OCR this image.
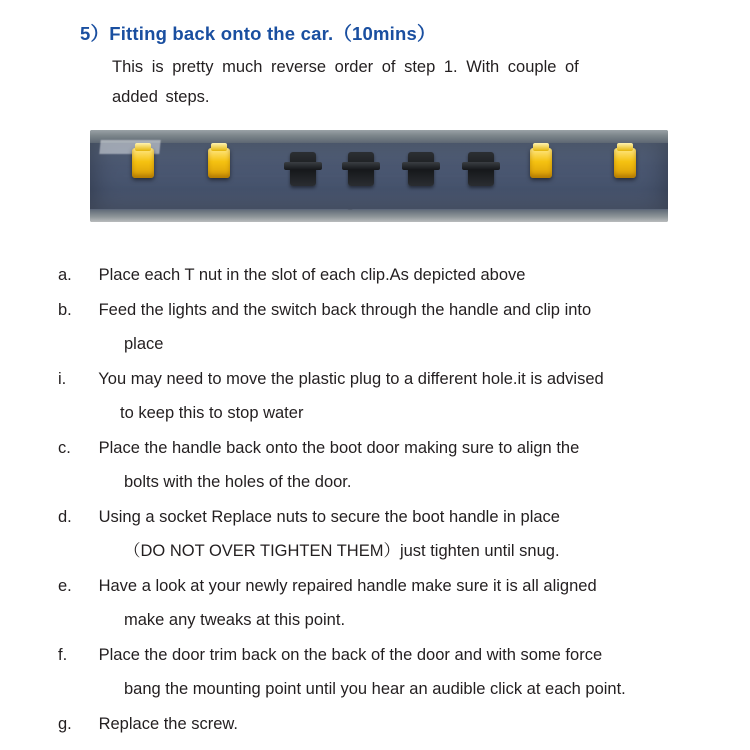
5）Fitting back onto the car.（10mins）
This is pretty much reverse order of step 1. With couple of
added steps.
a. Place each T nut in the slot of each clip.As depicted above
b. Feed the lights and the switch back through the handle and clip into
place
i. You may need to move the plastic plug to a different hole.it is advised
to keep this to stop water
c. Place the handle back onto the boot door making sure to align the
bolts with the holes of the door.
d. Using a socket Replace nuts to secure the boot handle in place
（DO NOT OVER TIGHTEN THEM）just tighten until snug.
e. Have a look at your newly repaired handle make sure it is all aligned
make any tweaks at this point.
f. Place the door trim back on the back of the door and with some force
bang the mounting point until you hear an audible click at each point.
g. Replace the screw.
